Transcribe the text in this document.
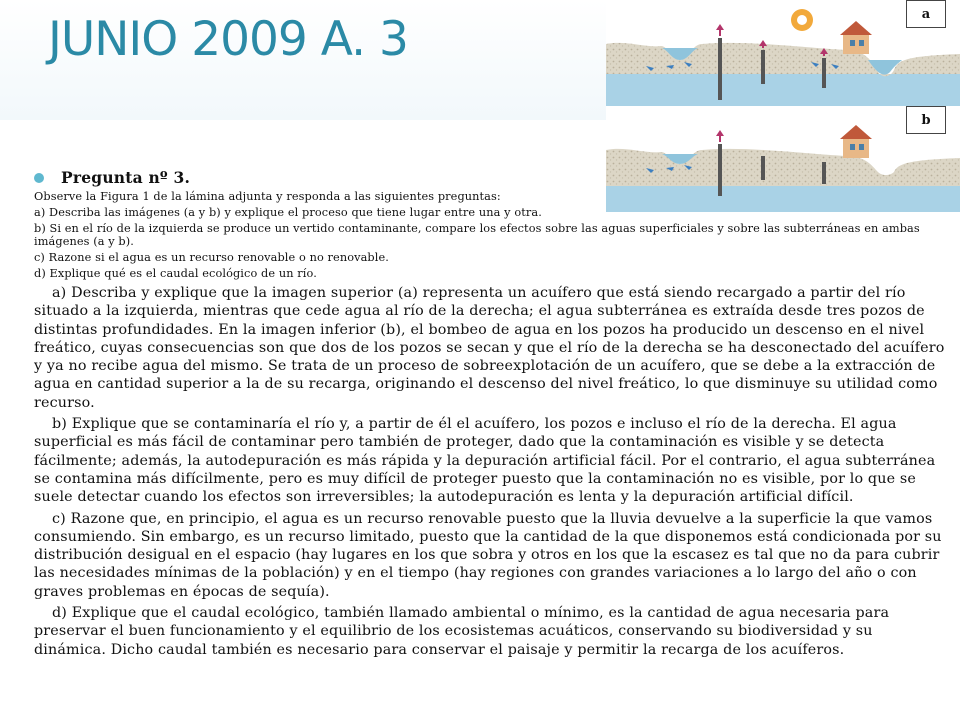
JUNIO 2009 A. 3	a
b
Pregunta nº 3.

Observe la Figura 1 de la lámina adjunta y responda a las siguientes preguntas:

a) Describa las imágenes (a y b) y explique el proceso que tiene lugar entre una y otra.

b) Si en el río de la izquierda se produce un vertido contaminante, compare los efectos sobre las aguas superficiales y sobre las subterráneas en ambas imágenes (a y b).

c) Razone si el agua es un recurso renovable o no renovable.

d) Explique qué es el caudal ecológico de un río.

a) Describa y explique que la imagen superior (a) representa un acuífero que está siendo recargado a partir del río situado a la izquierda, mientras que cede agua al río de la derecha; el agua subterránea es extraída desde tres pozos de distintas profundidades. En la imagen inferior (b), el bombeo de agua en los pozos ha producido un descenso en el nivel freático, cuyas consecuencias son que dos de los pozos se secan y que el río de la derecha se ha desconectado del acuífero y ya no recibe agua del mismo. Se trata de un proceso de sobreexplotación de un acuífero, que se debe a la extracción de agua en cantidad superior a la de su recarga, originando el descenso del nivel freático, lo que disminuye su utilidad como recurso.

b) Explique que se contaminaría el río y, a partir de él el acuífero, los pozos e incluso el río de la derecha. El agua superficial es más fácil de contaminar pero también de proteger, dado que la contaminación es visible y se detecta fácilmente; además, la autodepuración es más rápida y la depuración artificial fácil. Por el contrario, el agua subterránea se contamina más difícilmente, pero es muy difícil de proteger puesto que la contaminación no es visible, por lo que se suele detectar cuando los efectos son irreversibles; la autodepuración es lenta y la depuración artificial difícil.

c) Razone que, en principio, el agua es un recurso renovable puesto que la lluvia devuelve a la superficie la que vamos consumiendo. Sin embargo, es un recurso limitado, puesto que la cantidad de la que disponemos está condicionada por su distribución desigual en el espacio (hay lugares en los que sobra y otros en los que la escasez es tal que no da para cubrir las necesidades mínimas de la población) y en el tiempo (hay regiones con grandes variaciones a lo largo del año o con graves problemas en épocas de sequía).

d) Explique que el caudal ecológico, también llamado ambiental o mínimo, es la cantidad de agua necesaria para preservar el buen funcionamiento y el equilibrio de los ecosistemas acuáticos, conservando su biodiversidad y su dinámica. Dicho caudal también es necesario para conservar el paisaje y permitir la recarga de los acuíferos.
